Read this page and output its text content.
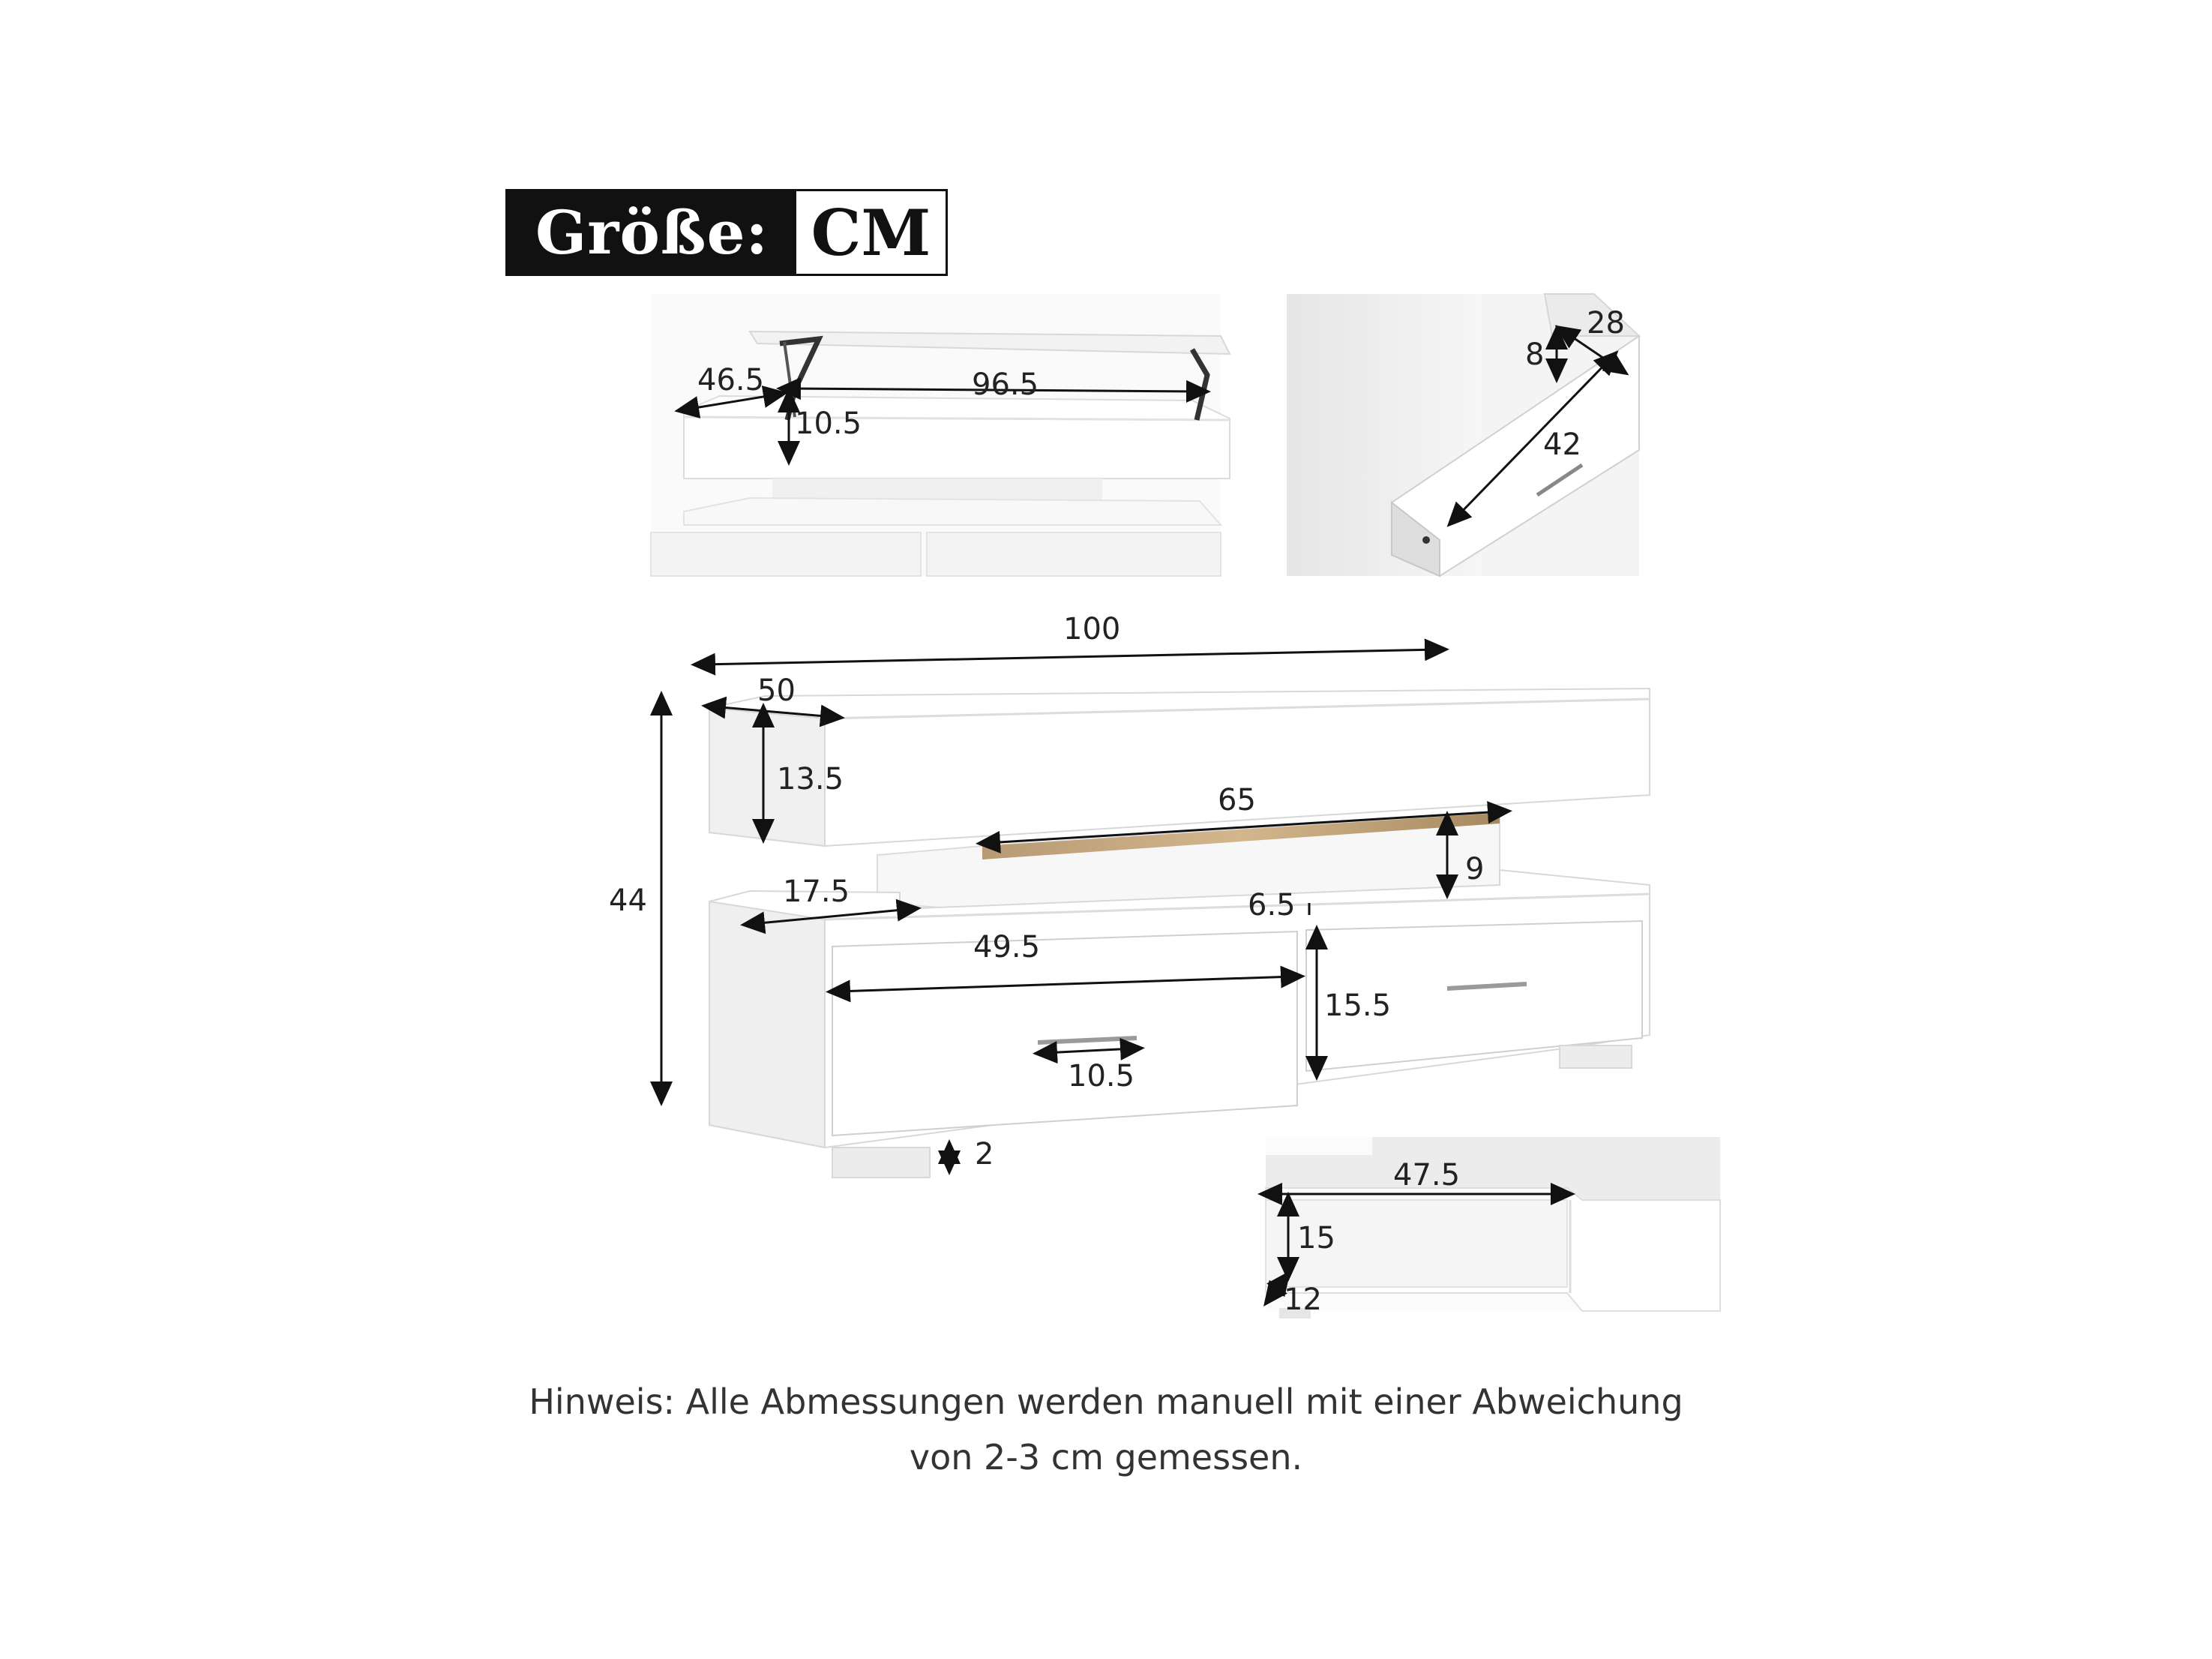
Größe: CM
46.5	96.5
10.5
28
8
42
100
50
13.5
44
65
9
17.5	6.5
49.5
15.5
10.5
2
47.5
15
12
Hinweis: Alle Abmessungen werden manuell mit einer Abweichung
von 2-3 cm gemessen.
